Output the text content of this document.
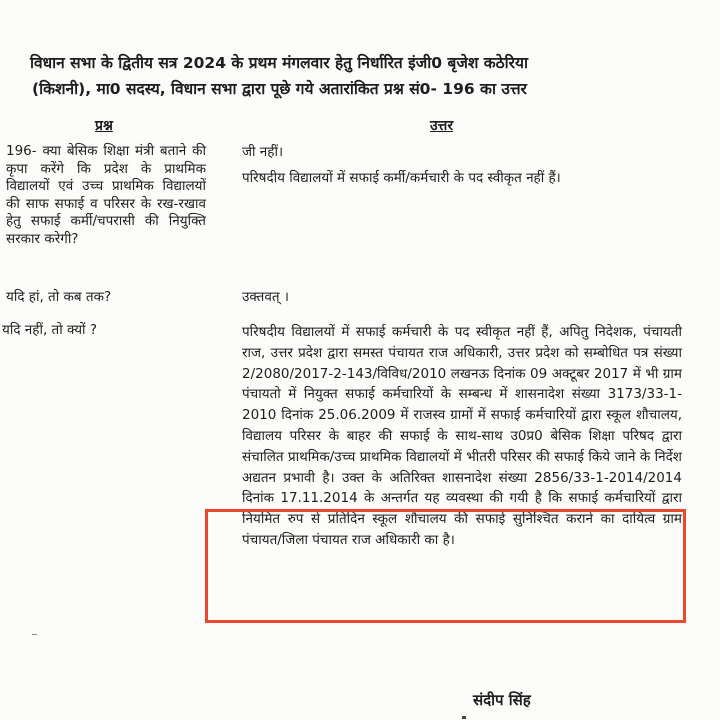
विधान सभा के द्वितीय सत्र 2024 के प्रथम मंगलवार हेतु निर्धारित इंजी0 बृजेश कठेरिया
(किशनी), मा0 सदस्य, विधान सभा द्वारा पूछे गये अतारांकित प्रश्न सं0- 196 का उत्तर
प्रश्न	उत्तर
196- क्या बेसिक शिक्षा मंत्री बताने की कृपा करेंगे कि प्रदेश के प्राथमिक विद्यालयों एवं उच्च प्राथमिक विद्यालयों की साफ सफाई व परिसर के रख-रखाव हेतु सफाई कर्मी/चपरासी की नियुक्ति सरकार करेगी?
यदि हां, तो कब तक?
यदि नहीं, तो क्यों ?
जी नहीं।
परिषदीय विद्यालयों में सफाई कर्मी/कर्मचारी के पद स्वीकृत नहीं हैं।
उक्तवत् ।
परिषदीय विद्यालयों में सफाई कर्मचारी के पद स्वीकृत नहीं हैं, अपितु निदेशक, पंचायती राज, उत्तर प्रदेश द्वारा समस्त पंचायत राज अधिकारी, उत्तर प्रदेश को सम्बोधित पत्र संख्या 2/2080/2017-2-143/विविध/2010 लखनऊ दिनांक 09 अक्टूबर 2017 में भी ग्राम पंचायतो में नियुक्त सफाई कर्मचारियों के सम्बन्ध में शासनादेश संख्या 3173/33-1-2010 दिनांक 25.06.2009 में राजस्व ग्रामों में सफाई कर्मचारियों द्वारा स्कूल शौचालय, विद्यालय परिसर के बाहर की सफाई के साथ-साथ उ0प्र0 बेसिक शिक्षा परिषद द्वारा संचालित प्राथमिक/उच्च प्राथमिक विद्यालयों में भीतरी परिसर की सफाई किये जाने के निर्देश अद्यतन प्रभावी है। उक्त के अतिरिक्त शासनादेश संख्या 2856/33-1-2014/2014 दिनांक 17.11.2014 के अन्तर्गत यह व्यवस्था की गयी है कि सफाई कर्मचारियों द्वारा नियमित रुप से प्रतिदिन स्कूल शौचालय की सफाई सुनिश्चित कराने का दायित्व ग्राम पंचायत/जिला पंचायत राज अधिकारी का है।
संदीप सिंह
